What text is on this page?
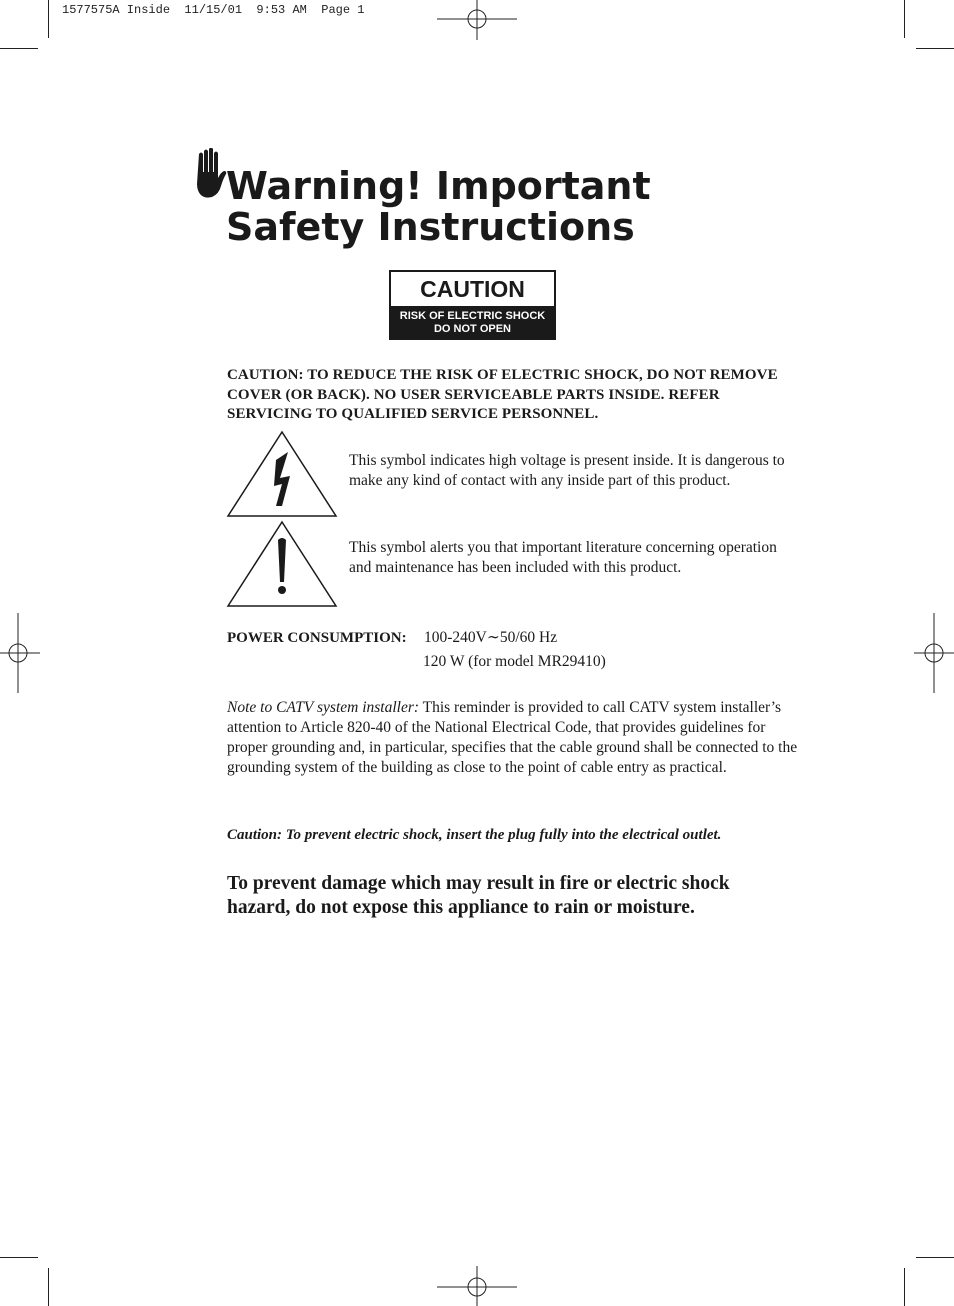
1577575A Inside  11/15/01  9:53 AM  Page 1
Warning! Important
Safety Instructions
CAUTION
RISK OF ELECTRIC SHOCK
DO NOT OPEN
CAUTION: TO REDUCE THE RISK OF ELECTRIC SHOCK, DO NOT REMOVE COVER (OR BACK). NO USER SERVICEABLE PARTS INSIDE. REFER SERVICING TO QUALIFIED SERVICE PERSONNEL.
This symbol indicates high voltage is present inside. It is dangerous to make any kind of contact with any inside part of this product.
This symbol alerts you that important literature concerning operation and maintenance has been included with this product.
POWER CONSUMPTION: 100-240V∼50/60 Hz
120 W (for model MR29410)
Note to CATV system installer: This reminder is provided to call CATV system installer’s attention to Article 820-40 of the National Electrical Code, that provides guidelines for proper grounding and, in particular, specifies that the cable ground shall be connected to the grounding system of the building as close to the point of cable entry as practical.
Caution: To prevent electric shock, insert the plug fully into the electrical outlet.
To prevent damage which may result in fire or electric shock hazard, do not expose this appliance to rain or moisture.
